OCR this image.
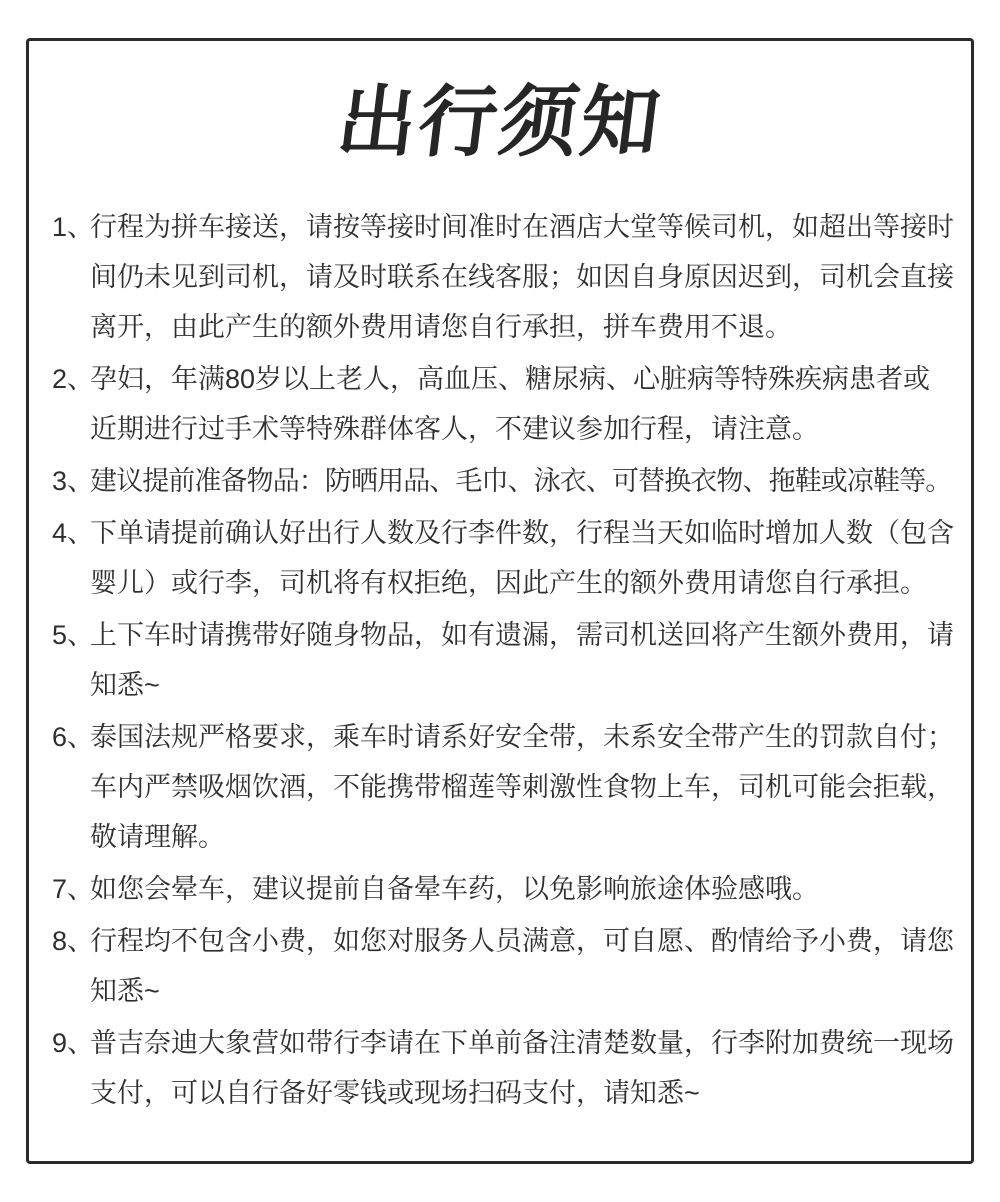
出行须知
1、
行程为拼车接送，请按等接时间准时在酒店大堂等候司机，如超出等接时间仍未见到司机，请及时联系在线客服；如因自身原因迟到，司机会直接离开，由此产生的额外费用请您自行承担，拼车费用不退。
2、
孕妇，年满80岁以上老人，高血压、糖尿病、心脏病等特殊疾病患者或近期进行过手术等特殊群体客人，不建议参加行程，请注意。
3、
建议提前准备物品：防晒用品、毛巾、泳衣、可替换衣物、拖鞋或凉鞋等。
4、
下单请提前确认好出行人数及行李件数，行程当天如临时增加人数（包含婴儿）或行李，司机将有权拒绝，因此产生的额外费用请您自行承担。
5、
上下车时请携带好随身物品，如有遗漏，需司机送回将产生额外费用，请知悉~
6、
泰国法规严格要求，乘车时请系好安全带，未系安全带产生的罚款自付；车内严禁吸烟饮酒，不能携带榴莲等刺激性食物上车，司机可能会拒载，敬请理解。
7、
如您会晕车，建议提前自备晕车药，以免影响旅途体验感哦。
8、
行程均不包含小费，如您对服务人员满意，可自愿、酌情给予小费，请您知悉~
9、
普吉奈迪大象营如带行李请在下单前备注清楚数量，行李附加费统一现场支付，可以自行备好零钱或现场扫码支付，请知悉~
